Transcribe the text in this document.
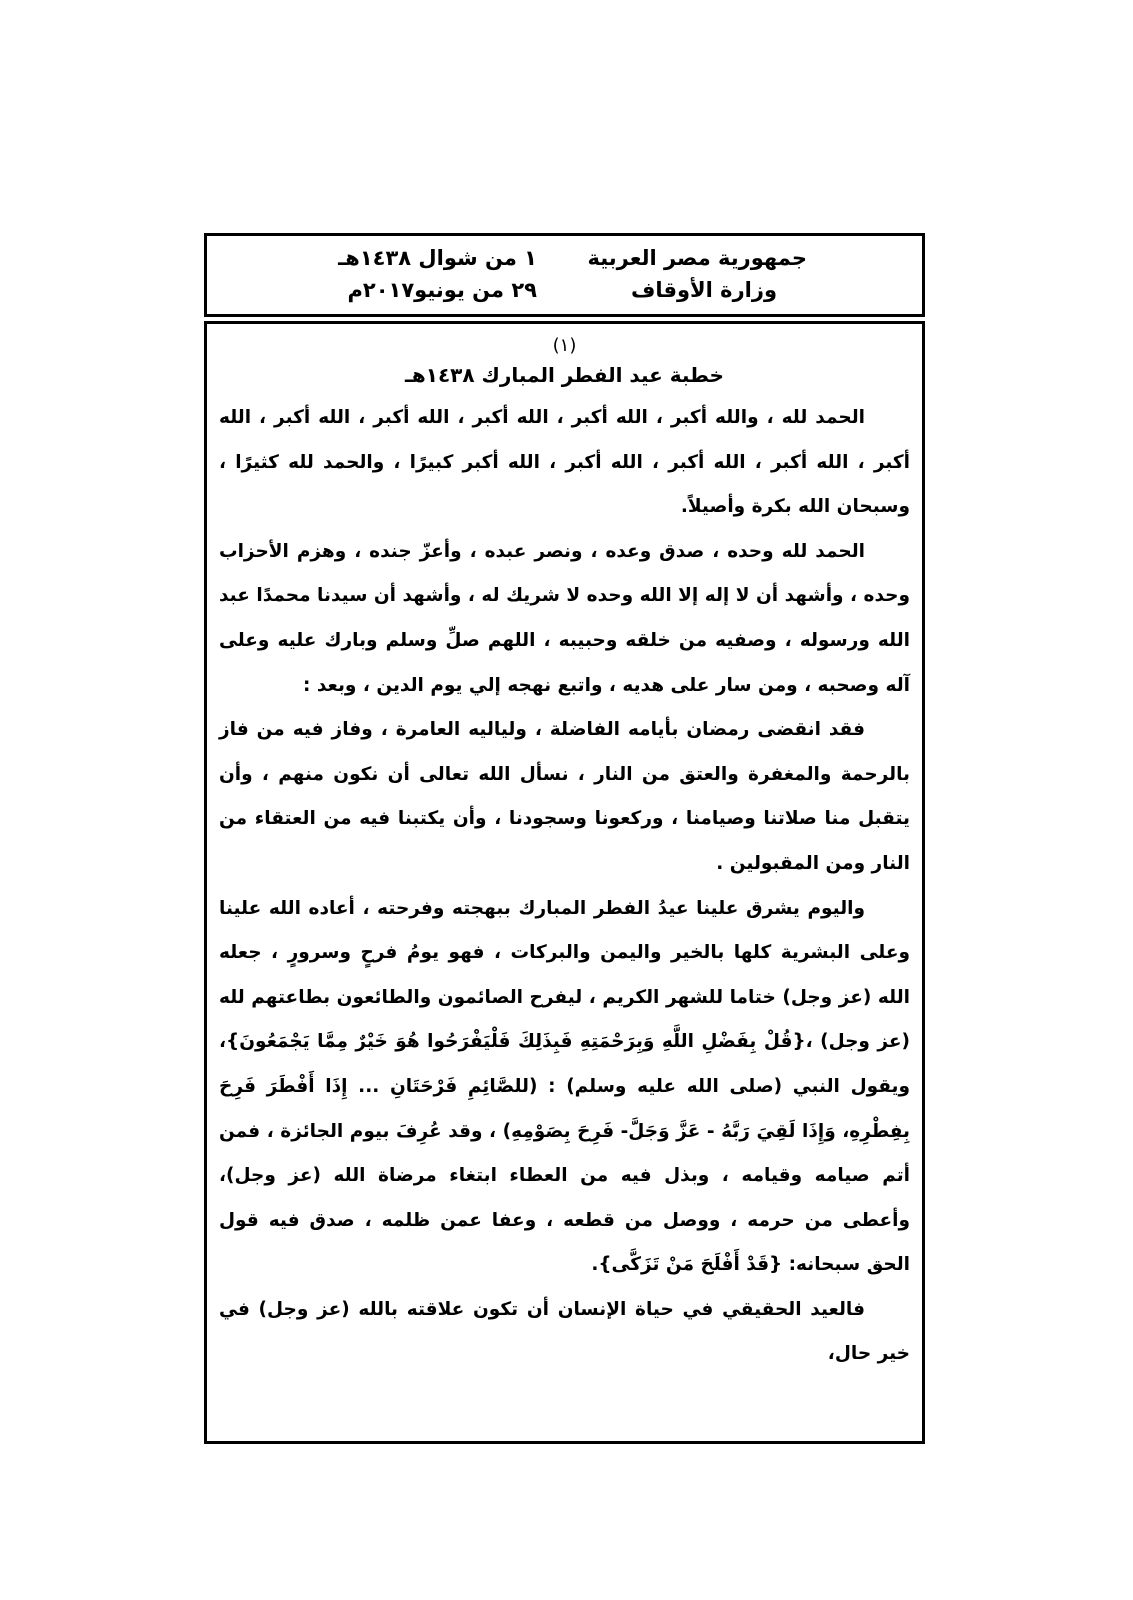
جمهورية مصر العربية
وزارة الأوقاف
١ من شوال ١٤٣٨هـ
٢٩ من يونيو٢٠١٧م
(١)
خطبة عيد الفطر المبارك ١٤٣٨هـ

الحمد لله ، والله أكبر ، الله أكبر ، الله أكبر ، الله أكبر ، الله أكبر ، الله أكبر ، الله أكبر ، الله أكبر ، الله أكبر ، الله أكبر كبيرًا ، والحمد لله كثيرًا ، وسبحان الله بكرة وأصيلاً.

الحمد لله وحده ، صدق وعده ، ونصر عبده ، وأعزّ جنده ، وهزم الأحزاب وحده ، وأشهد أن لا إله إلا الله وحده لا شريك له ، وأشهد أن سيدنا محمدًا عبد الله ورسوله ، وصفيه من خلقه وحبيبه ، اللهم صلِّ وسلم وبارك عليه وعلى آله وصحبه ، ومن سار على هديه ، واتبع نهجه إلي يوم الدين ، وبعد :

فقد انقضى رمضان بأيامه الفاضلة ، ولياليه العامرة ، وفاز فيه من فاز بالرحمة والمغفرة والعتق من النار ، نسأل الله تعالى أن نكون منهم ، وأن يتقبل منا صلاتنا وصيامنا ، وركعونا وسجودنا ، وأن يكتبنا فيه من العتقاء من النار ومن المقبولين .

واليوم يشرق علينا عيدُ الفطر المبارك ببهجته وفرحته ، أعاده الله علينا وعلى البشرية كلها بالخير واليمن والبركات ، فهو يومُ فرحٍ وسرورٍ ، جعله الله (عز وجل) ختاما للشهر الكريم ، ليفرح الصائمون والطائعون بطاعتهم لله (عز وجل) ،{قُلْ بِفَضْلِ اللَّهِ وَبِرَحْمَتِهِ فَبِذَلِكَ فَلْيَفْرَحُوا هُوَ خَيْرٌ مِمَّا يَجْمَعُونَ}، ويقول النبي (صلى الله عليه وسلم) : (للصَّائِمِ فَرْحَتَانِ ... إِذَا أَفْطَرَ فَرِحَ بِفِطْرِهِ، وَإِذَا لَقِيَ رَبَّهُ - عَزَّ وَجَلَّ- فَرِحَ بِصَوْمِهِ) ، وقد عُرِفَ بيوم الجائزة ، فمن أتم صيامه وقيامه ، وبذل فيه من العطاء ابتغاء مرضاة الله (عز وجل)، وأعطى من حرمه ، ووصل من قطعه ، وعفا عمن ظلمه ، صدق فيه قول الحق سبحانه: {قَدْ أَفْلَحَ مَنْ تَزَكَّى}.

فالعيد الحقيقي في حياة الإنسان أن تكون علاقته بالله (عز وجل) في خير حال،
